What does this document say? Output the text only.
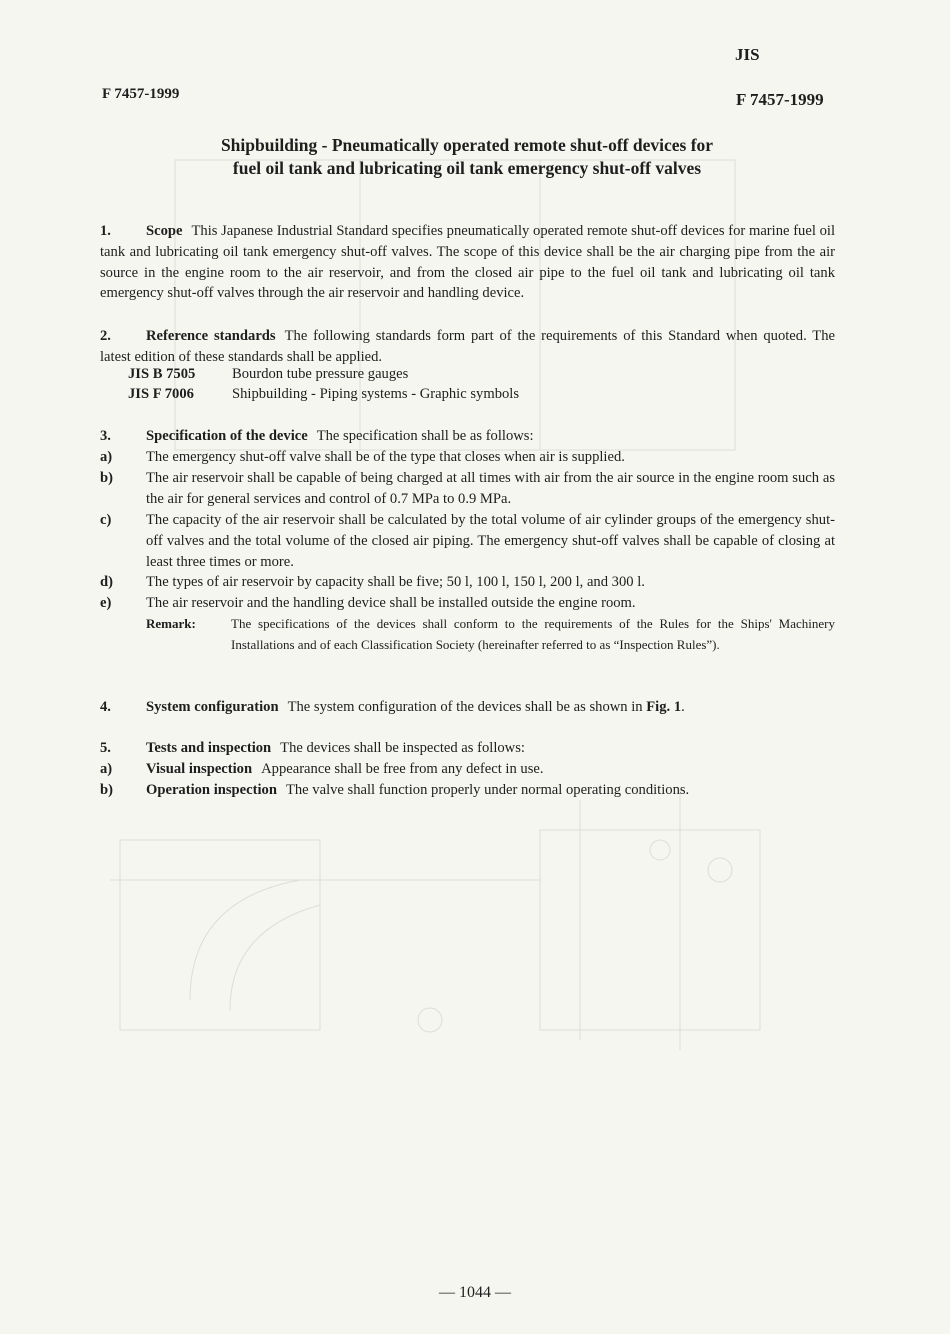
JIS
F 7457-1999	F 7457-1999
Shipbuilding - Pneumatically operated remote shut-off devices for
fuel oil tank and lubricating oil tank emergency shut-off valves
1. Scope This Japanese Industrial Standard specifies pneumatically operated remote shut-off devices for marine fuel oil tank and lubricating oil tank emergency shut-off valves. The scope of this device shall be the air charging pipe from the air source in the engine room to the air reservoir, and from the closed air pipe to the fuel oil tank and lubricating oil tank emergency shut-off valves through the air reservoir and handling device.
2. Reference standards The following standards form part of the requirements of this Standard when quoted. The latest edition of these standards shall be applied.
JIS B 7505	Bourdon tube pressure gauges
JIS F 7006	Shipbuilding - Piping systems - Graphic symbols
3. Specification of the device The specification shall be as follows:
a) The emergency shut-off valve shall be of the type that closes when air is supplied.
b) The air reservoir shall be capable of being charged at all times with air from the air source in the engine room such as the air for general services and control of 0.7 MPa to 0.9 MPa.
c) The capacity of the air reservoir shall be calculated by the total volume of air cylinder groups of the emergency shut-off valves and the total volume of the closed air piping. The emergency shut-off valves shall be capable of closing at least three times or more.
d) The types of air reservoir by capacity shall be five; 50 l, 100 l, 150 l, 200 l, and 300 l.
e) The air reservoir and the handling device shall be installed outside the engine room.
Remark:	The specifications of the devices shall conform to the requirements of the Rules for the Ships' Machinery Installations and of each Classification Society (hereinafter referred to as “Inspection Rules”).
4. System configuration The system configuration of the devices shall be as shown in Fig. 1.
5. Tests and inspection The devices shall be inspected as follows:
a) Visual inspection Appearance shall be free from any defect in use.
b) Operation inspection The valve shall function properly under normal operating conditions.
— 1044 —
